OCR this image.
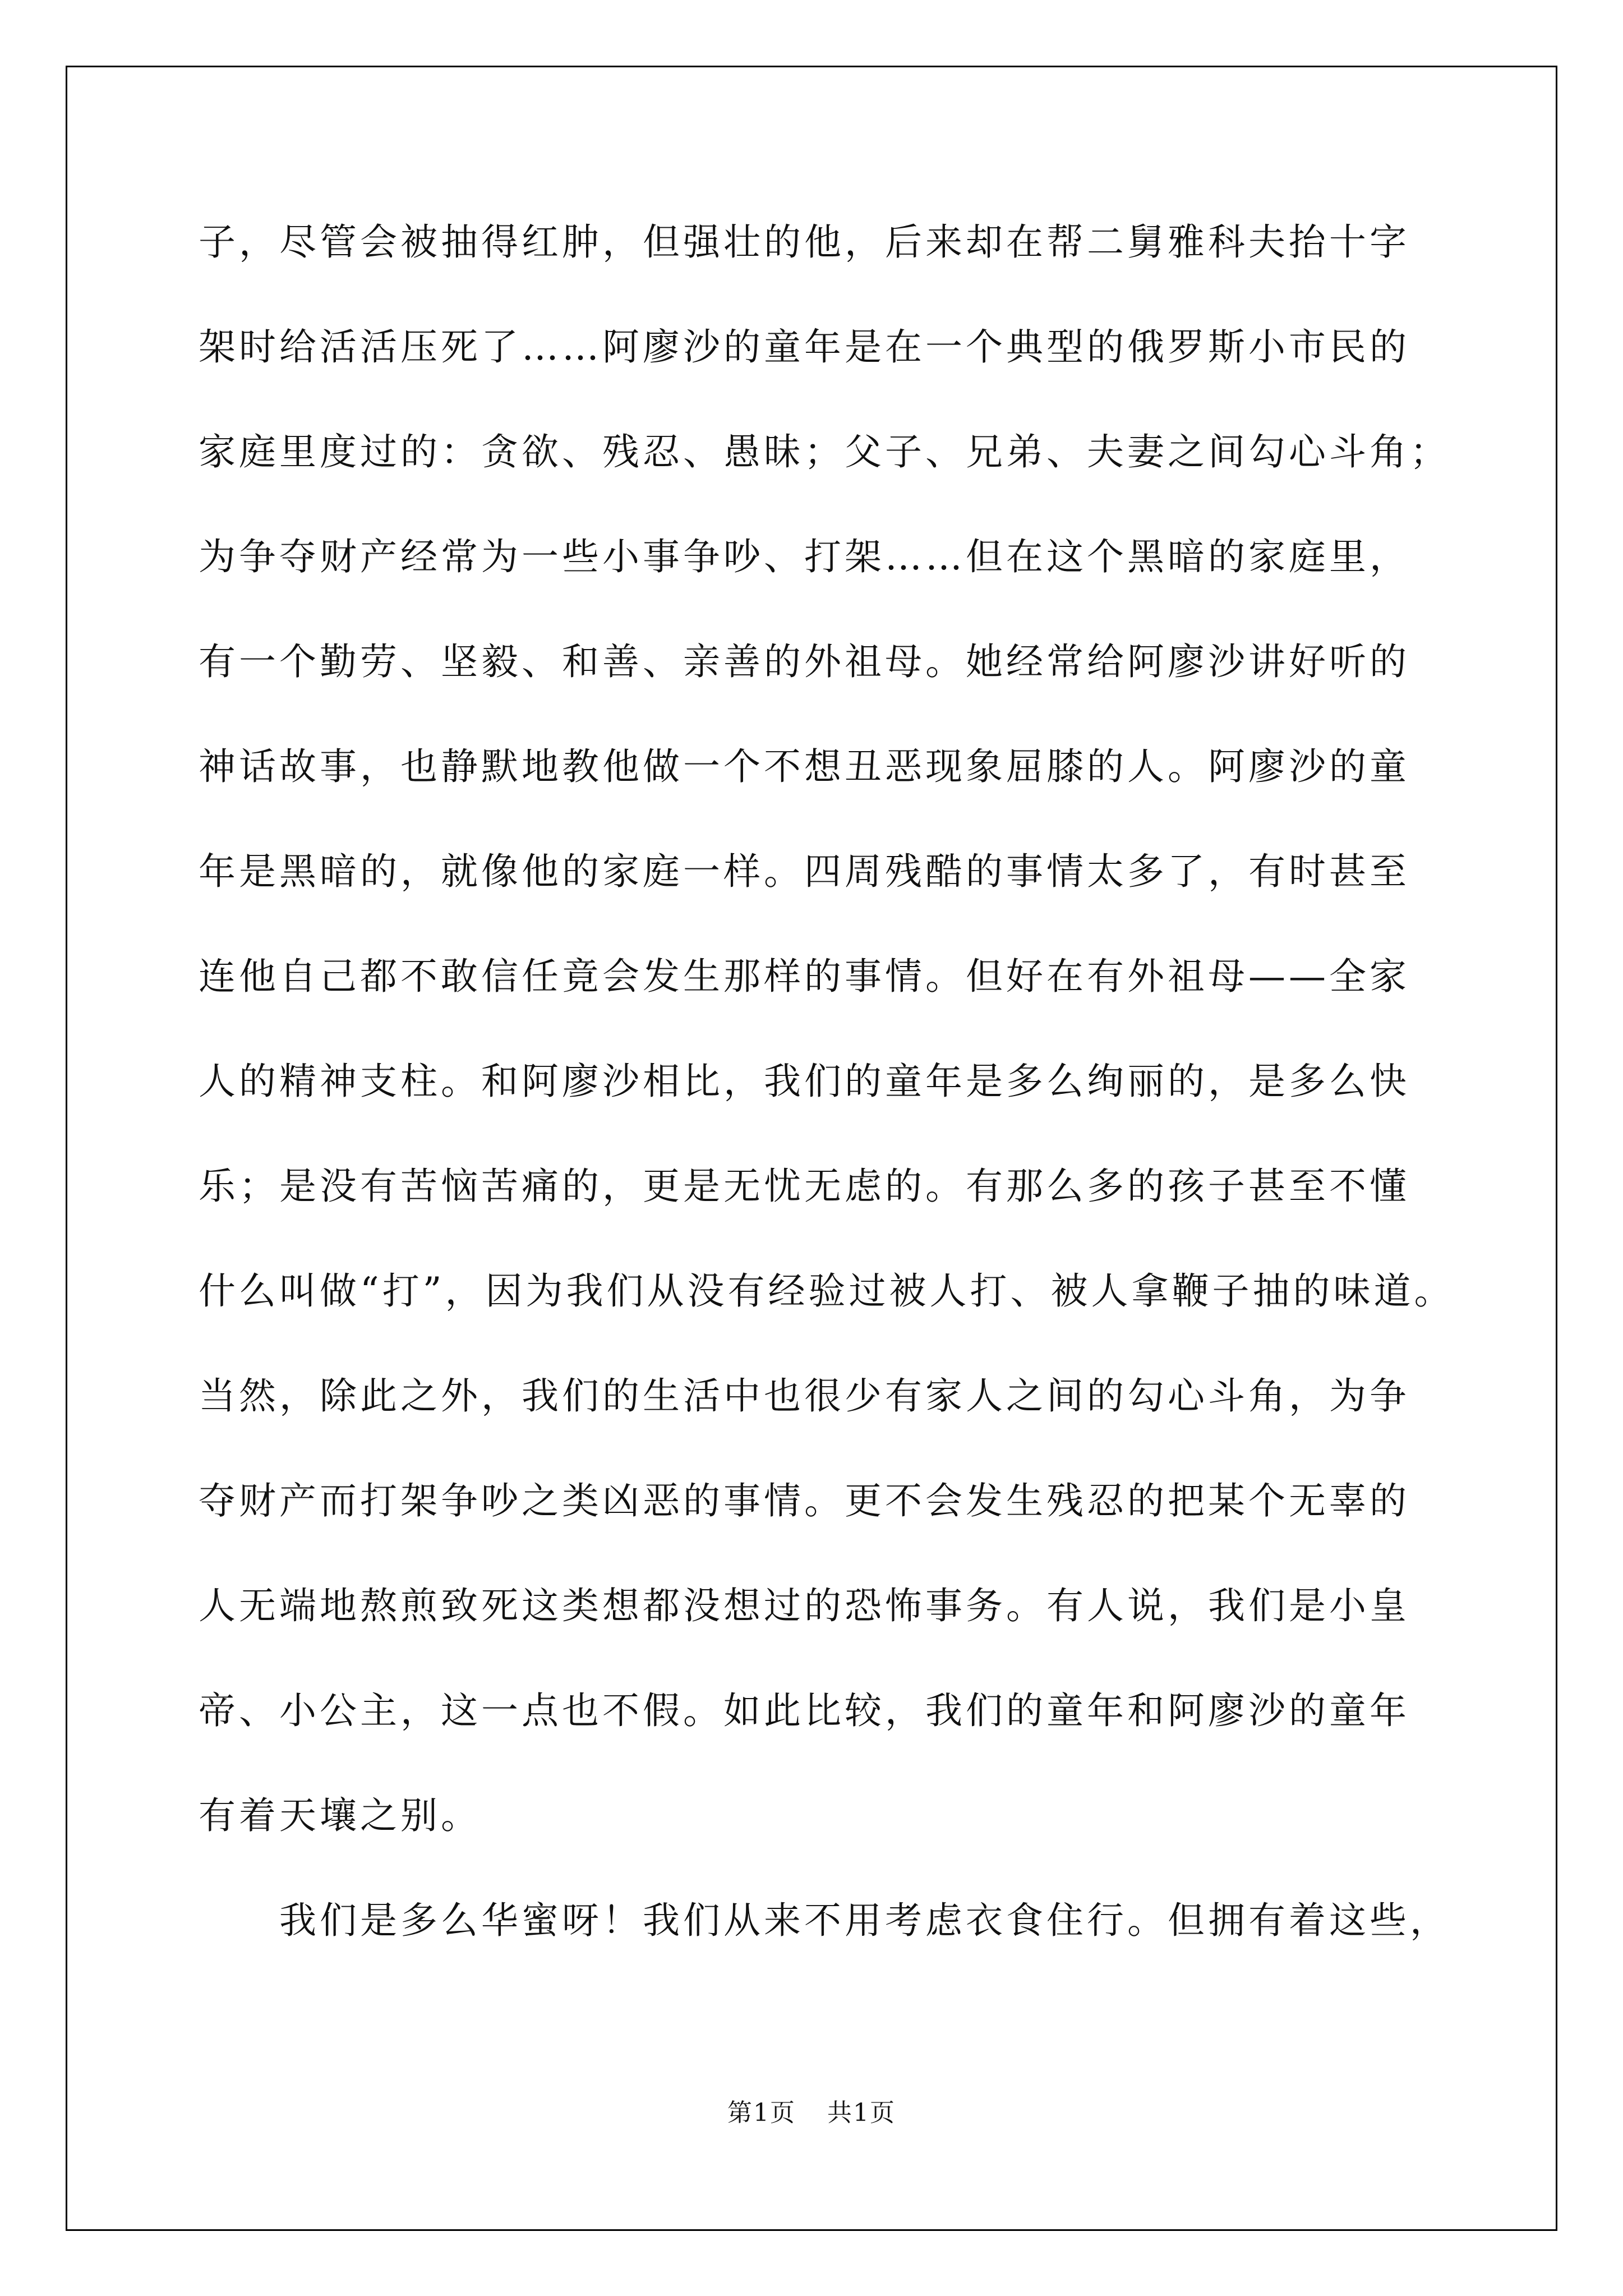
子，尽管会被抽得红肿，但强壮的他，后来却在帮二舅雅科夫抬十字
架时给活活压死了……阿廖沙的童年是在一个典型的俄罗斯小市民的
家庭里度过的：贪欲、残忍、愚昧；父子、兄弟、夫妻之间勾心斗角；
为争夺财产经常为一些小事争吵、打架……但在这个黑暗的家庭里，
有一个勤劳、坚毅、和善、亲善的外祖母。她经常给阿廖沙讲好听的
神话故事，也静默地教他做一个不想丑恶现象屈膝的人。阿廖沙的童
年是黑暗的，就像他的家庭一样。四周残酷的事情太多了，有时甚至
连他自己都不敢信任竟会发生那样的事情。但好在有外祖母——全家
人的精神支柱。和阿廖沙相比，我们的童年是多么绚丽的，是多么快
乐；是没有苦恼苦痛的，更是无忧无虑的。有那么多的孩子甚至不懂
什么叫做“打”，因为我们从没有经验过被人打、被人拿鞭子抽的味道。
当然，除此之外，我们的生活中也很少有家人之间的勾心斗角，为争
夺财产而打架争吵之类凶恶的事情。更不会发生残忍的把某个无辜的
人无端地熬煎致死这类想都没想过的恐怖事务。有人说，我们是小皇
帝、小公主，这一点也不假。如此比较，我们的童年和阿廖沙的童年
有着天壤之别。
我们是多么华蜜呀！我们从来不用考虑衣食住行。但拥有着这些，
第1页 共1页
